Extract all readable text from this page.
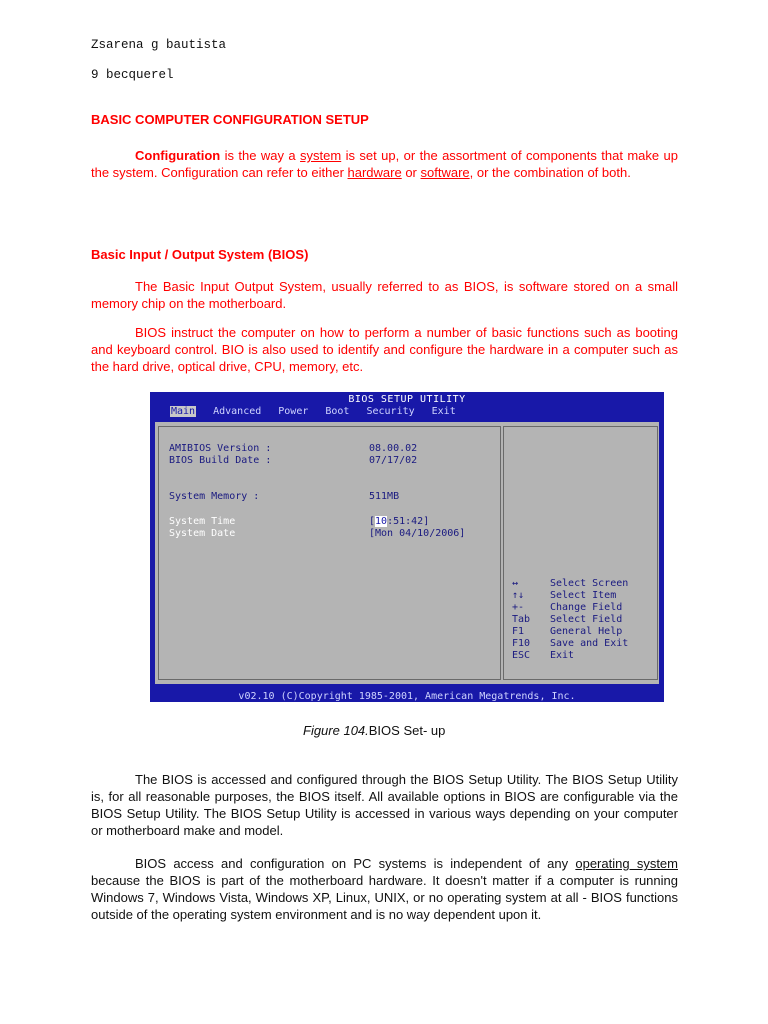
Zsarena g bautista
9 becquerel
BASIC COMPUTER CONFIGURATION SETUP

Configuration is the way a system is set up, or the assortment of components that make up the system. Configuration can refer to either hardware or software, or the combination of both.

Basic Input / Output System (BIOS)

The Basic Input Output System, usually referred to as BIOS, is software stored on a small memory chip on the motherboard.

BIOS instruct the computer on how to perform a number of basic functions such as booting and keyboard control. BIO is also used to identify and configure the hardware in a computer such as the hard drive, optical drive, CPU, memory, etc.

BIOS SETUP UTILITY
Main Advanced Power Boot Security Exit
AMIBIOS Version :	08.00.02
BIOS Build Date :	07/17/02
System Memory :	511MB
System Time	[10:51:42]
System Date	[Mon 04/10/2006]
↔	Select Screen
↑↓	Select Item
+-	Change Field
Tab Select Field
F1	General Help
F10 Save and Exit
ESC Exit
v02.10 (C)Copyright 1985-2001, American Megatrends, Inc.
Figure 104.BIOS Set- up

The BIOS is accessed and configured through the BIOS Setup Utility. The BIOS Setup Utility is, for all reasonable purposes, the BIOS itself. All available options in BIOS are configurable via the BIOS Setup Utility. The BIOS Setup Utility is accessed in various ways depending on your computer or motherboard make and model.

BIOS access and configuration on PC systems is independent of any operating system because the BIOS is part of the motherboard hardware. It doesn't matter if a computer is running Windows 7, Windows Vista, Windows XP, Linux, UNIX, or no operating system at all - BIOS functions outside of the operating system environment and is no way dependent upon it.
